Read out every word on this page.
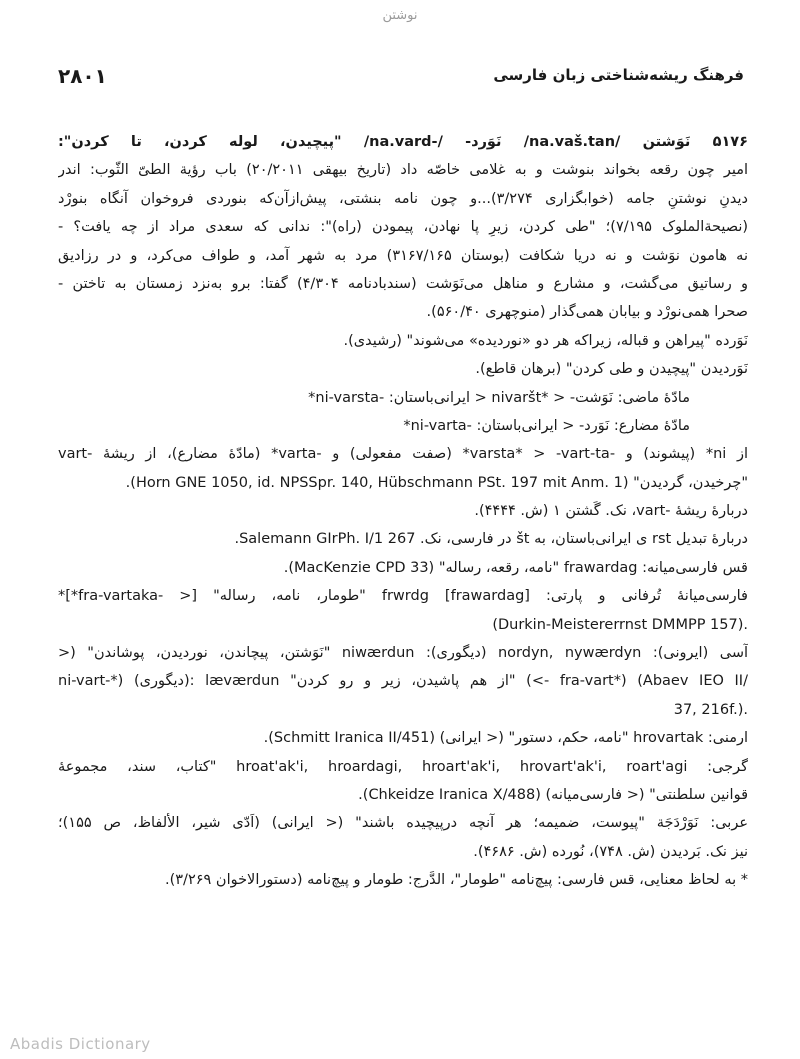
نوشتن
فرهنگ ریشه‌شناختی زبان فارسی
۲۸۰۱
۵۱۷۶ نَوَشتن /na.vaš.tan/ نَوَرد- /-na.vard/ "پیچیدن، لوله کردن، تا کردن":
امیر چون رقعه بخواند بنوشت و به غلامی خاصّه داد (تاریخ بیهقی ۲۰/۲۰۱۱) باب رؤیة الطیّ الثّوب: اندر
دیدنِ نوشتنِ جامه (خوابگزاری ۳/۲۷۴)...و چون نامه بنشتی، پیش‌ازآن‌که بنوردی فروخوان آنگاه بنورْد
(نصیحة‌الملوک ۷/۱۹۵)؛ "طی کردن، زیرِ پا نهادن، پیمودن (راه)": ندانی که سعدی مراد از چه یافت؟ -
نه هامون نوَشت و نه دریا شکافت (بوستان ۳۱۶۷/۱۶۵) مرد به شهر آمد، و طواف می‌کرد، و در رزادیق
و رساتیق می‌گشت، و مشارع و مناهل می‌نَوَشت (سندبادنامه ۴/۳۰۴) گفتا: برو به‌نزد زمستان به تاختن -
صحرا همی‌نورْد و بیابان همی‌گذار (منوچهری ۵۶۰/۴۰).
نَوَرده "پیراهن و قباله، زیراکه هر دو «نوردیده» می‌شوند" (رشیدی).
نَوَردیدن "پیچیدن و طی کردن" (برهان قاطع).
مادّهٔ ماضی: نَوَشت- < *nivaršt < ایرانی‌باستان: -ni-varsta*
مادّهٔ مضارع: نَوَرد- < ایرانی‌باستان: -ni-varta*
از ni* (پیشوند) و -varsta* > -vart-ta* (صفت مفعولی) و -varta* (مادّهٔ مضارع)، از ریشهٔ -vart
"چرخیدن، گردیدن" (Horn GNE 1050, id. NPSSpr. 140, Hübschmann PSt. 197 mit Anm. 1).
دربارهٔ ریشهٔ -vart، نک. گَشتن ۱ (ش. ۴۴۴۴).
دربارهٔ تبدیل rst ی ایرانی‌باستان، به št در فارسی، نک. Salemann GIrPh. I/1 267.
قس فارسی‌میانه: frawardag "نامه، رقعه، رساله" (MacKenzie CPD 33).
فارسی‌میانهٔ تُرفانی و پارتی: frwrdg [frawardag] "طومار، نامه، رساله" [< -fra-vartaka*]*
(Durkin-Meistererrnst DMMPP 157).
آسی (ایرونی): nordyn, nywærdyn (دیگوری): niwærdun "نَوَشتن، پیچاندن، نوردیدن، پوشاندن" (<
ni-vart-*) (دیگوری): læværdun "از هم پاشیدن، زیر و رو کردن" (<- fra-vart*) (Abaev IEO II/
37, 216f.).
ارمنی: hrovartak "نامه، حکم، دستور" (< ایرانی) (Schmitt Iranica II/451).
گرجی: hroat'ak'i, hroardagi, hroart'ak'i, hrovart'ak'i, roart'agi "کتاب، سند، مجموعهٔ
قوانین سلطنتی" (< فارسی‌میانه) (Chkeidze Iranica X/488).
عربی: نَوَرْدَجَة "پیوست، ضمیمه؛ هر آنچه درپیچیده باشند" (< ایرانی) (اَدّی شیر، الألفاظ، ص ۱۵۵)؛
نیز نک. بَردیدن (ش. ۷۴۸)، نُورده (ش. ۴۶۸۶).
* به لحاظ معنایی، قس فارسی: پیچ‌نامه "طومار"، الدَّرج: طومار و پیچ‌نامه (دستورالاخوان ۳/۲۶۹).
Abadis Dictionary
